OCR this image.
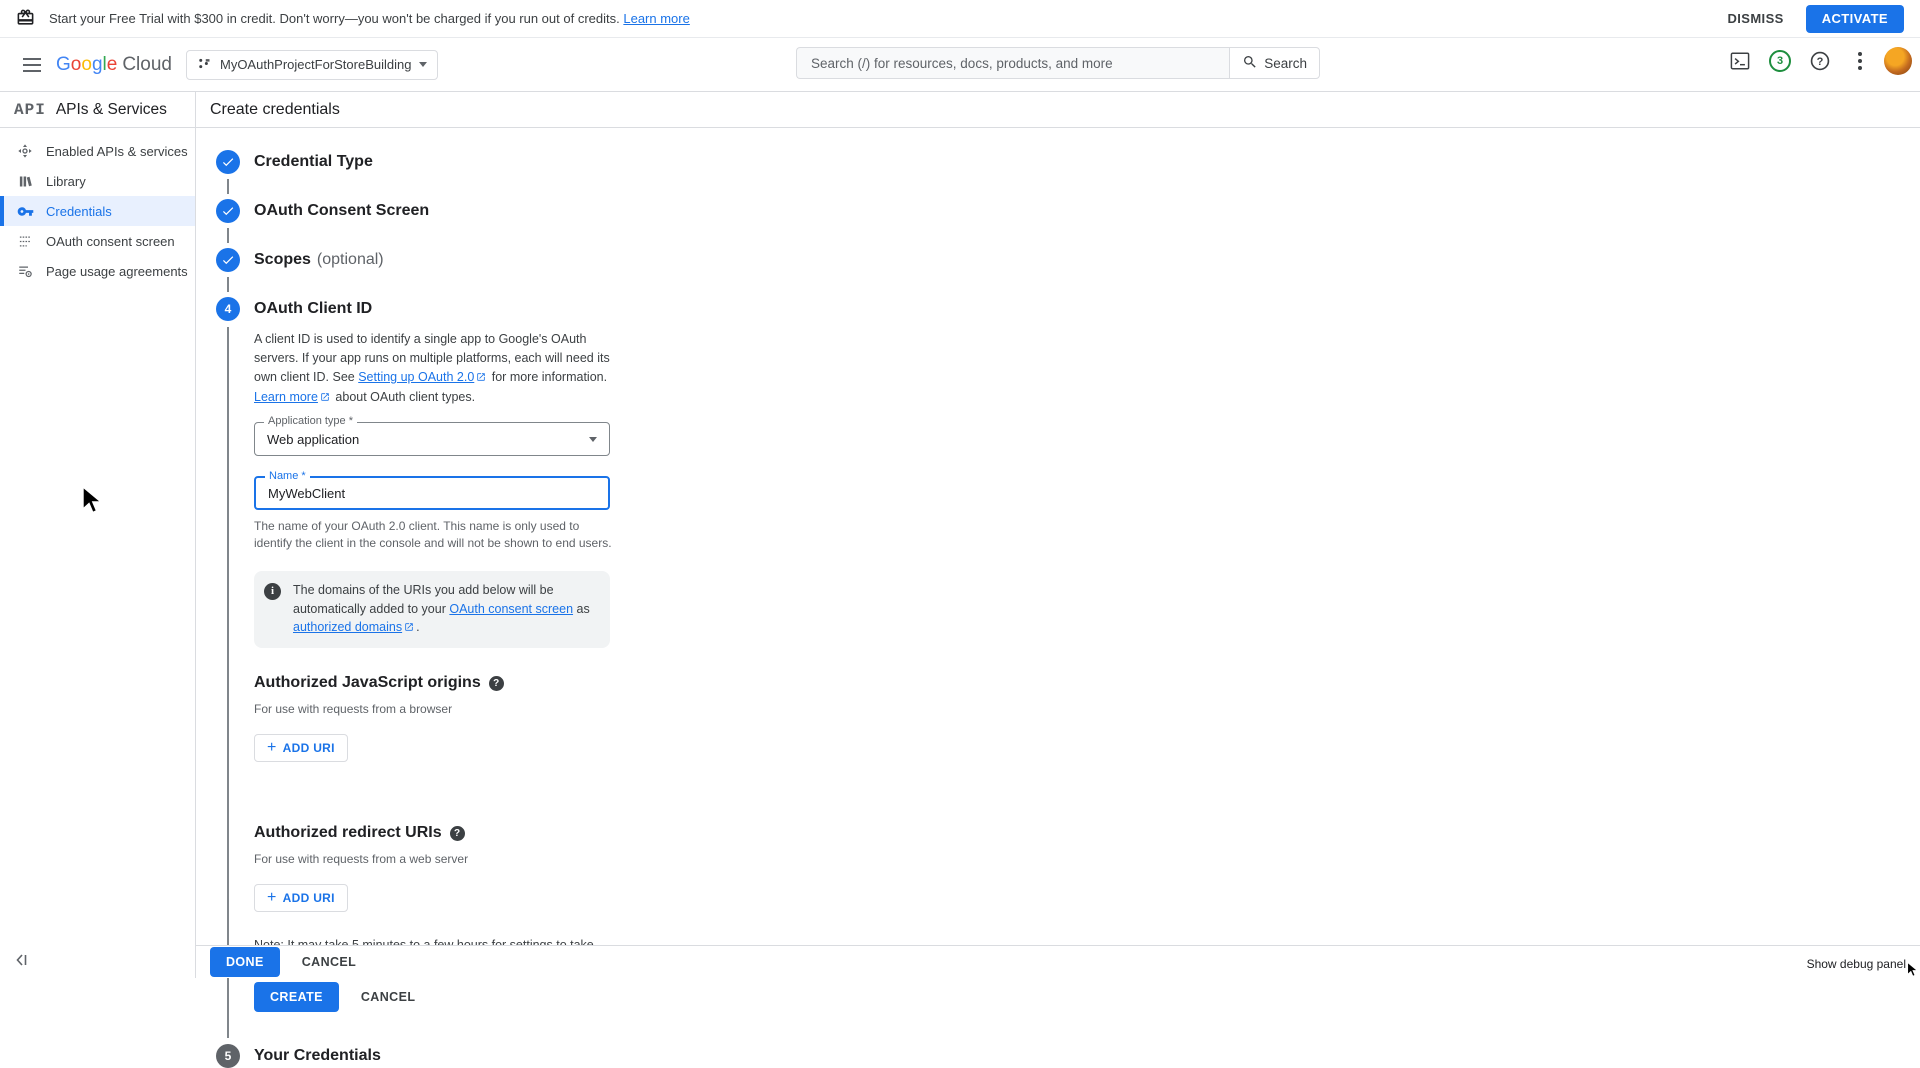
Start your Free Trial with $300 in credit. Don't worry—you won't be charged if you run out of credits. Learn more	DISMISS	ACTIVATE
Google Cloud	MyOAuthProjectForStoreBuilding
Search (/) for resources, docs, products, and more	Search	3	?
API APIs & Services
Enabled APIs & services
Library
Credentials
OAuth consent screen
Page usage agreements
Create credentials
Credential Type
OAuth Consent Screen
Scopes (optional)
4 OAuth Client ID

A client ID is used to identify a single app to Google's OAuth servers. If your app runs on multiple platforms, each will need its own client ID. See Setting up OAuth 2.0 for more information. Learn more about OAuth client types.

Application type *
Web application
Name *
MyWebClient

The name of your OAuth 2.0 client. This name is only used to identify the client in the console and will not be shown to end users.

i	The domains of the URIs you add below will be automatically added to your OAuth consent screen as authorized domains .
Authorized JavaScript origins	?

For use with requests from a browser

+ ADD URI
Authorized redirect URIs	?

For use with requests from a web server

+ ADD URI

CREATE	CANCEL
5 Your Credentials
DONE	CANCEL	Show debug panel
